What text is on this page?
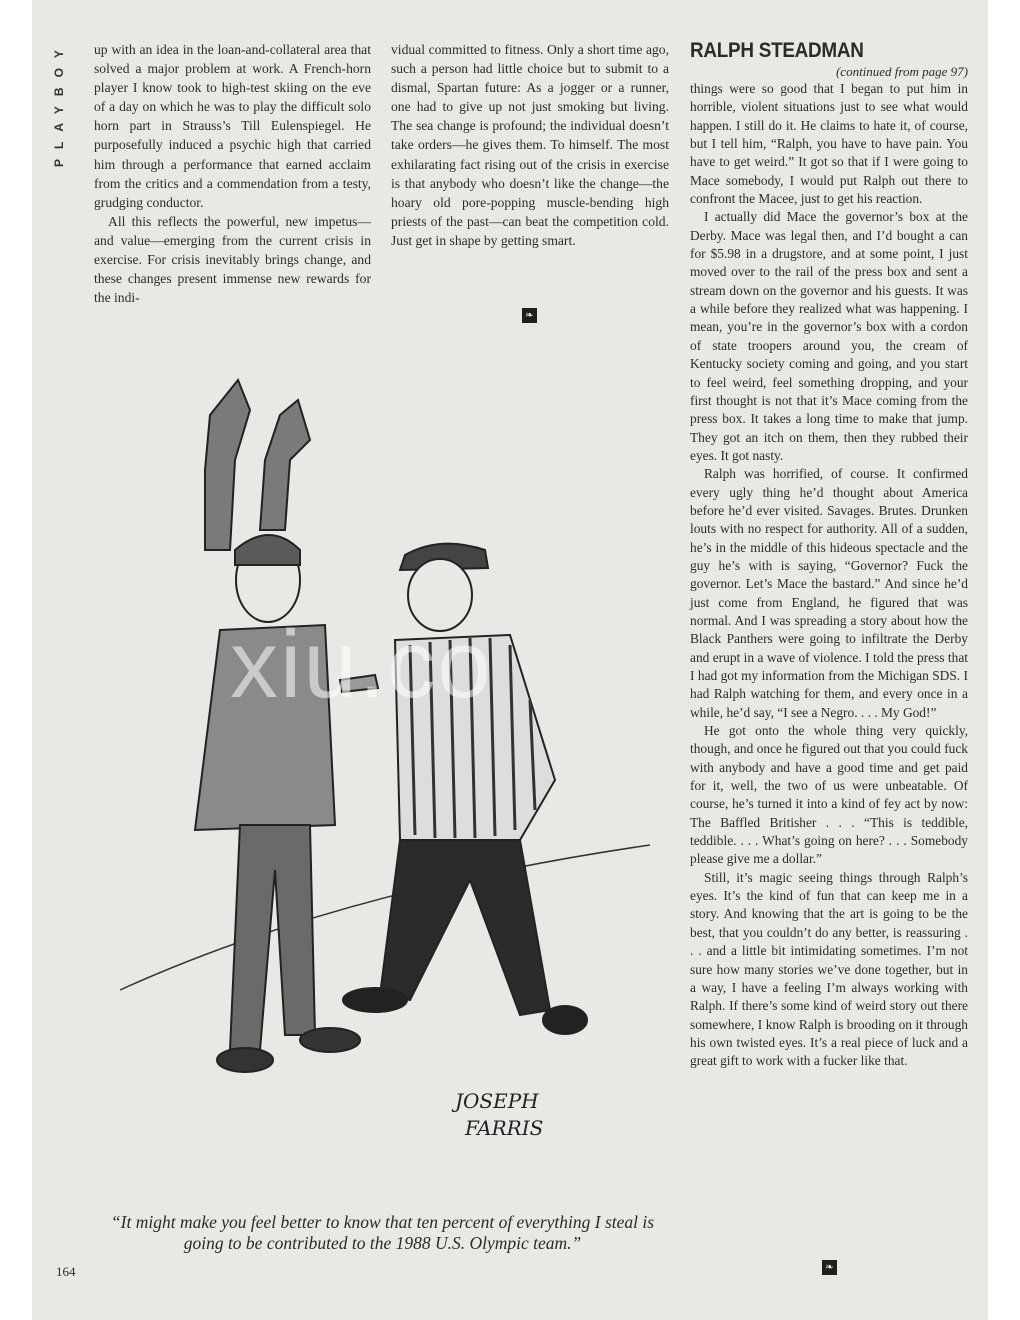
PLAYBOY up with an idea in the loan-and-collateral area that solved a major problem at work. A French-horn player I know took to high-test skiing on the eve of a day on which he was to play the difficult solo horn part in Strauss’s Till Eulenspiegel. He purposefully induced a psychic high that carried him through a performance that earned acclaim from the critics and a commendation from a testy, grudging conductor.

All this reflects the powerful, new impetus—and value—emerging from the current crisis in exercise. For crisis inevitably brings change, and these changes present immense new rewards for the indi-

vidual committed to fitness. Only a short time ago, such a person had little choice but to submit to a dismal, Spartan future: As a jogger or a runner, one had to give up not just smoking but living. The sea change is profound; the individual doesn’t take orders—he gives them. To himself. The most exhilarating fact rising out of the crisis in exercise is that anybody who doesn’t like the change—the hoary old pore-popping muscle-bending high priests of the past—can beat the competition cold. Just get in shape by getting smart.

❧
RALPH STEADMAN
(continued from page 97)

things were so good that I began to put him in horrible, violent situations just to see what would happen. I still do it. He claims to hate it, of course, but I tell him, “Ralph, you have to have pain. You have to get weird.” It got so that if I were going to Mace somebody, I would put Ralph out there to confront the Macee, just to get his reaction.

I actually did Mace the governor’s box at the Derby. Mace was legal then, and I’d bought a can for $5.98 in a drugstore, and at some point, I just moved over to the rail of the press box and sent a stream down on the governor and his guests. It was a while before they realized what was happening. I mean, you’re in the governor’s box with a cordon of state troopers around you, the cream of Kentucky society coming and going, and you start to feel weird, feel something dropping, and your first thought is not that it’s Mace coming from the press box. It takes a long time to make that jump. They got an itch on them, then they rubbed their eyes. It got nasty.

Ralph was horrified, of course. It confirmed every ugly thing he’d thought about America before he’d ever visited. Savages. Brutes. Drunken louts with no respect for authority. All of a sudden, he’s in the middle of this hideous spectacle and the guy he’s with is saying, “Governor? Fuck the governor. Let’s Mace the bastard.” And since he’d just come from England, he figured that was normal. And I was spreading a story about how the Black Panthers were going to infiltrate the Derby and erupt in a wave of violence. I told the press that I had got my information from the Michigan SDS. I had Ralph watching for them, and every once in a while, he’d say, “I see a Negro. . . . My God!”

He got onto the whole thing very quickly, though, and once he figured out that you could fuck with anybody and have a good time and get paid for it, well, the two of us were unbeatable. Of course, he’s turned it into a kind of fey act by now: The Baffled Britisher . . . “This is teddible, teddible. . . . What’s going on here? . . . Somebody please give me a dollar.”

Still, it’s magic seeing things through Ralph’s eyes. It’s the kind of fun that can keep me in a story. And knowing that the art is going to be the best, that you couldn’t do any better, is reassuring . . . and a little bit intimidating sometimes. I’m not sure how many stories we’ve done together, but in a way, I have a feeling I’m always working with Ralph. If there’s some kind of weird story out there somewhere, I know Ralph is brooding on it through his own twisted eyes. It’s a real piece of luck and a great gift to work with a fucker like that.

❧
JOSEPH
FARRIS
“It might make you feel better to know that ten percent of everything I steal is going to be contributed to the 1988 U.S. Olympic team.”
164
xiu.co
